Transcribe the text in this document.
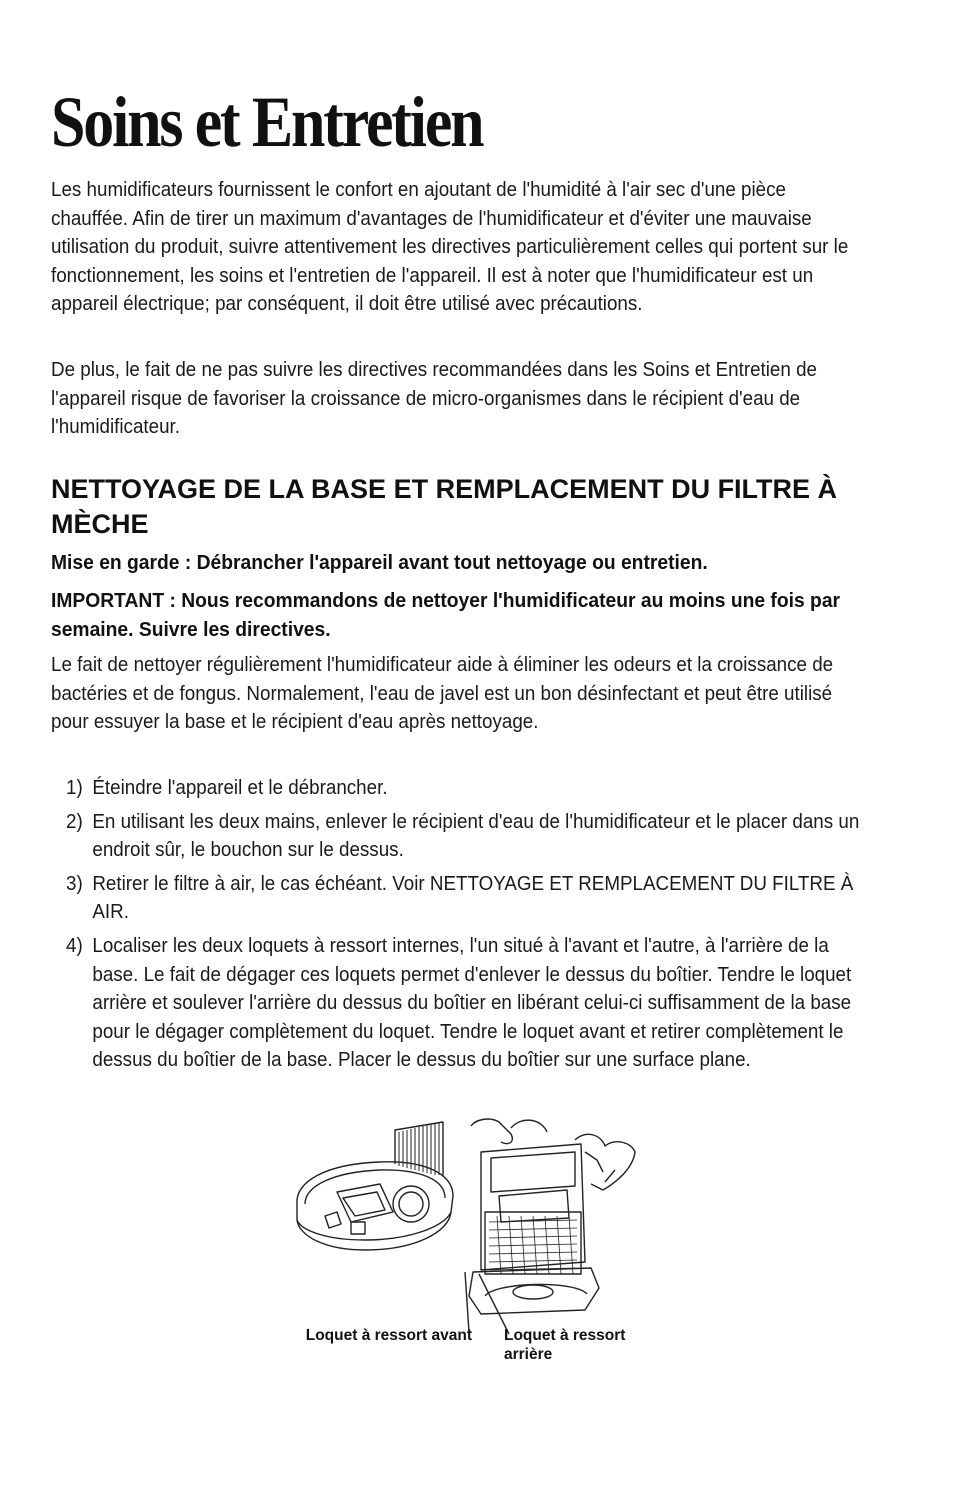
Soins et Entretien

Les humidificateurs fournissent le confort en ajoutant de l'humidité à l'air sec d'une pièce chauffée. Afin de tirer un maximum d'avantages de l'humidificateur et d'éviter une mauvaise utilisation du produit, suivre attentivement les directives particulièrement celles qui portent sur le fonctionnement, les soins et l'entretien de l'appareil. Il est à noter que l'humidificateur est un appareil électrique; par conséquent, il doit être utilisé avec précautions.

De plus, le fait de ne pas suivre les directives recommandées dans les Soins et Entretien de l'appareil risque de favoriser la croissance de micro-organismes dans le récipient d'eau de l'humidificateur.

NETTOYAGE DE LA BASE ET REMPLACEMENT DU FILTRE À MÈCHE
Mise en garde : Débrancher l'appareil avant tout nettoyage ou entretien.
IMPORTANT : Nous recommandons de nettoyer l'humidificateur au moins une fois par semaine. Suivre les directives.

Le fait de nettoyer régulièrement l'humidificateur aide à éliminer les odeurs et la croissance de bactéries et de fongus. Normalement, l'eau de javel est un bon désinfectant et peut être utilisé pour essuyer la base et le récipient d'eau après nettoyage.

1) Éteindre l'appareil et le débrancher.
2) En utilisant les deux mains, enlever le récipient d'eau de l'humidificateur et le placer dans un endroit sûr, le bouchon sur le dessus.
3) Retirer le filtre à air, le cas échéant. Voir NETTOYAGE ET REMPLACEMENT DU FILTRE À AIR.
4) Localiser les deux loquets à ressort internes, l'un situé à l'avant et l'autre, à l'arrière de la base. Le fait de dégager ces loquets permet d'enlever le dessus du boîtier. Tendre le loquet arrière et soulever l'arrière du dessus du boîtier en libérant celui-ci suffisamment de la base pour le dégager complètement du loquet. Tendre le loquet avant et retirer complètement le dessus du boîtier de la base. Placer le dessus du boîtier sur une surface plane.
Loquet à ressort avant Loquet à ressort arrière
